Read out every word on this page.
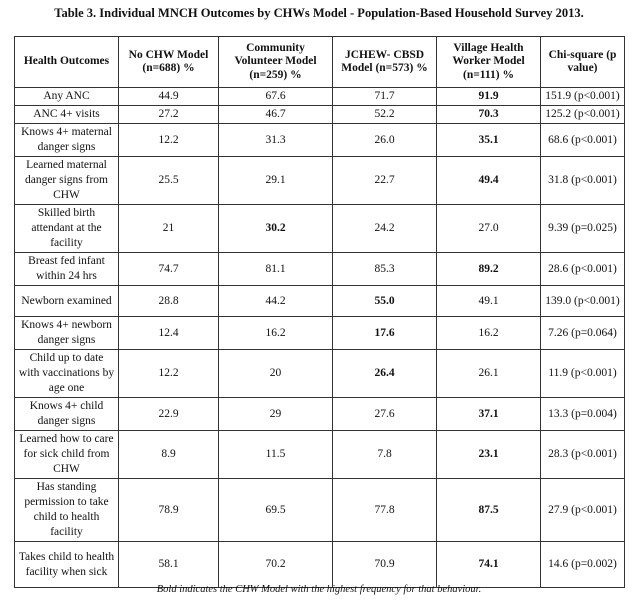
Table 3. Individual MNCH Outcomes by CHWs Model - Population-Based Household Survey 2013.
Health Outcomes	No CHW Model (n=688) %	Community Volunteer Model (n=259) %	JCHEW- CBSD Model (n=573) %	Village Health Worker Model (n=111) %	Chi-square (p value)
Any ANC	44.9	67.6	71.7	91.9	151.9 (p<0.001)
ANC 4+ visits	27.2	46.7	52.2	70.3	125.2 (p<0.001)
Knows 4+ maternal danger signs	12.2	31.3	26.0	35.1	68.6 (p<0.001)
Learned maternal danger signs from CHW	25.5	29.1	22.7	49.4	31.8 (p<0.001)
Skilled birth attendant at the facility	21	30.2	24.2	27.0	9.39 (p=0.025)
Breast fed infant within 24 hrs	74.7	81.1	85.3	89.2	28.6 (p<0.001)
Newborn examined	28.8	44.2	55.0	49.1	139.0 (p<0.001)
Knows 4+ newborn danger signs	12.4	16.2	17.6	16.2	7.26 (p=0.064)
Child up to date with vaccinations by age one	12.2	20	26.4	26.1	11.9 (p<0.001)
Knows 4+ child danger signs	22.9	29	27.6	37.1	13.3 (p=0.004)
Learned how to care for sick child from CHW	8.9	11.5	7.8	23.1	28.3 (p<0.001)
Has standing permission to take child to health facility	78.9	69.5	77.8	87.5	27.9 (p<0.001)
Takes child to health facility when sick	58.1	70.2	70.9	74.1	14.6 (p=0.002)
Bold indicates the CHW Model with the highest frequency for that behaviour.
